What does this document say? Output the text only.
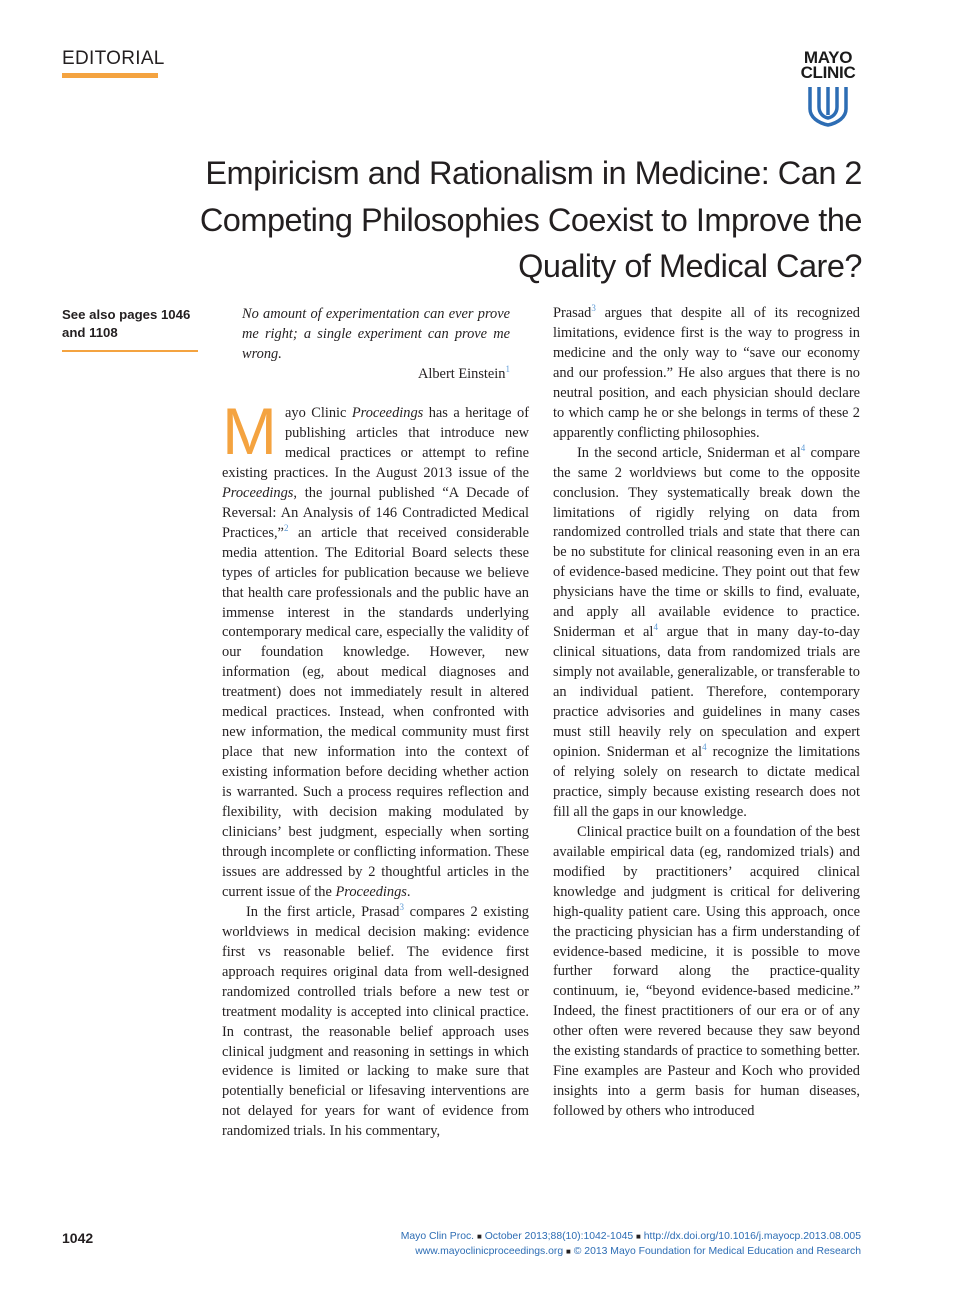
EDITORIAL	MAYO
CLINIC
Empiricism and Rationalism in Medicine: Can 2 Competing Philosophies Coexist to Improve the Quality of Medical Care?
See also pages 1046 and 1108
No amount of experimentation can ever prove me right; a single experiment can prove me wrong.
Albert Einstein$^1$

Mayo Clinic Proceedings has a heritage of publishing articles that introduce new medical practices or attempt to refine existing practices. In the August 2013 issue of the Proceedings, the journal published “A Decade of Reversal: An Analysis of 146 Contradicted Medical Practices,”$^2$ an article that received considerable media attention. The Editorial Board selects these types of articles for publication because we believe that health care professionals and the public have an immense interest in the standards underlying contemporary medical care, especially the validity of our foundation knowledge. However, new information (eg, about medical diagnoses and treatment) does not immediately result in altered medical practices. Instead, when confronted with new information, the medical community must first place that new information into the context of existing information before deciding whether action is warranted. Such a process requires reflection and flexibility, with decision making modulated by clinicians’ best judgment, especially when sorting through incomplete or conflicting information. These issues are addressed by 2 thoughtful articles in the current issue of the Proceedings.

In the first article, Prasad$^3$ compares 2 existing worldviews in medical decision making: evidence first vs reasonable belief. The evidence first approach requires original data from well-designed randomized controlled trials before a new test or treatment modality is accepted into clinical practice. In contrast, the reasonable belief approach uses clinical judgment and reasoning in settings in which evidence is limited or lacking to make sure that potentially beneficial or lifesaving interventions are not delayed for years for want of evidence from randomized trials. In his commentary,

Prasad$^3$ argues that despite all of its recognized limitations, evidence first is the way to progress in medicine and the only way to “save our economy and our profession.” He also argues that there is no neutral position, and each physician should declare to which camp he or she belongs in terms of these 2 apparently conflicting philosophies.

In the second article, Sniderman et $al^4$ compare the same 2 worldviews but come to the opposite conclusion. They systematically break down the limitations of rigidly relying on data from randomized controlled trials and state that there can be no substitute for clinical reasoning even in an era of evidence-based medicine. They point out that few physicians have the time or skills to find, evaluate, and apply all available evidence to practice. Sniderman et $al^4$ argue that in many day-to-day clinical situations, data from randomized trials are simply not available, generalizable, or transferable to an individual patient. Therefore, contemporary practice advisories and guidelines in many cases must still heavily rely on speculation and expert opinion. Sniderman et $al^4$ recognize the limitations of relying solely on research to dictate medical practice, simply because existing research does not fill all the gaps in our knowledge.

Clinical practice built on a foundation of the best available empirical data (eg, randomized trials) and modified by practitioners’ acquired clinical knowledge and judgment is critical for delivering high-quality patient care. Using this approach, once the practicing physician has a firm understanding of evidence-based medicine, it is possible to move further forward along the practice-quality continuum, ie, “beyond evidence-based medicine.” Indeed, the finest practitioners of our era or of any other often were revered because they saw beyond the existing standards of practice to something better. Fine examples are Pasteur and Koch who provided insights into a germ basis for human diseases, followed by others who introduced

1042	Mayo Clin Proc. ■ October 2013;88(10):1042-1045 ■ http://dx.doi.org/10.1016/j.mayocp.2013.08.005
www.mayoclinicproceedings.org ■ © 2013 Mayo Foundation for Medical Education and Research
